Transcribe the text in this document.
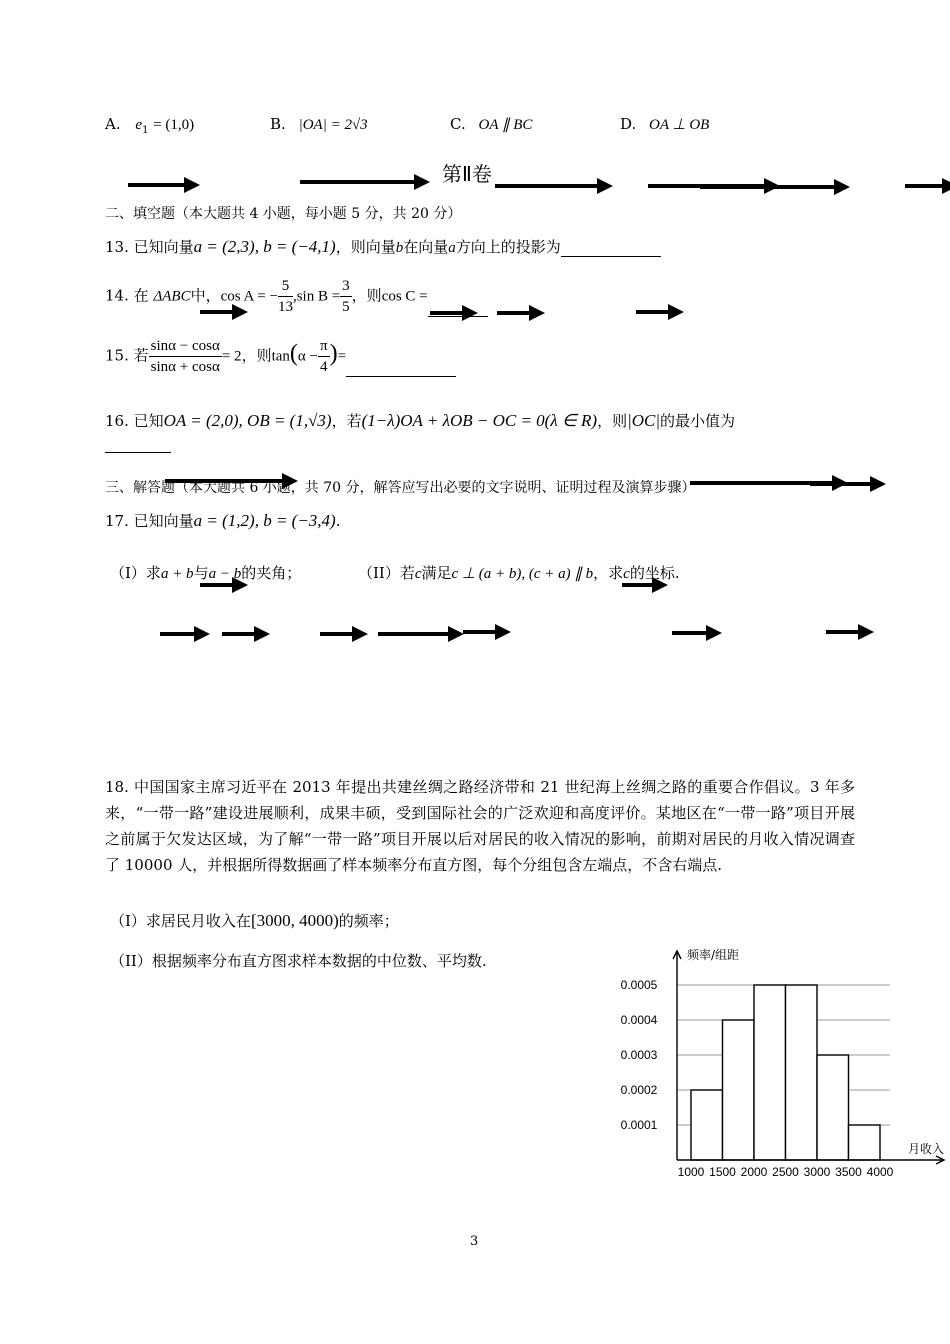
A. $e_1 = (1,0)$	B. |OA| = 2√3	C. OA ∥ BC	D. OA ⊥ OB
第Ⅱ卷
二、填空题（本大题共 4 小题，每小题 5 分，共 20 分）
13. 已知向量a = (2,3), b = (−4,1)，则向量b在向量a方向上的投影为
14. 在 ΔABC中，cos A = − $\frac{5}{13} ,\sin$ $B = \frac{3}{5}$ ，则cos C =
15. 若 $\frac{\sin\alpha - \cos\alpha}{\sin\alpha + \cos\alpha} = 2$，则$\tan(\alpha - \frac{\pi}{4}$ )=
16. 已知OA = (2,0), OB = (1,√3)，若(1−λ)OA + λOB − OC = 0(λ ∈ R)，则|OC|的最小值为
三、解答题（本大题共 6 小题，共 70 分，解答应写出必要的文字说明、证明过程及演算步骤）
17. 已知向量a = (1,2), b = (−3,4).
（I）求a + b与a − b的夹角；	（II）若c满足c ⊥ (a + b), (c + a) ∥ b，求c的坐标.
18. 中国国家主席习近平在 2013 年提出共建丝绸之路经济带和 21 世纪海上丝绸之路的重要合作倡议。3 年多来，“一带一路”建设进展顺利，成果丰硕，受到国际社会的广泛欢迎和高度评价。某地区在“一带一路”项目开展之前属于欠发达区域，为了解“一带一路”项目开展以后对居民的收入情况的影响，前期对居民的月收入情况调查了 10000 人，并根据所得数据画了样本频率分布直方图，每个分组包含左端点，不含右端点.
（I）求居民月收入在[3000, 4000)的频率；
（II）根据频率分布直方图求样本数据的中位数、平均数.
0.0001
0.0002
0.0003
0.0004
0.0005
频率/组距
月收入
1000 1500 2000 2500 3000 3500 4000
3
